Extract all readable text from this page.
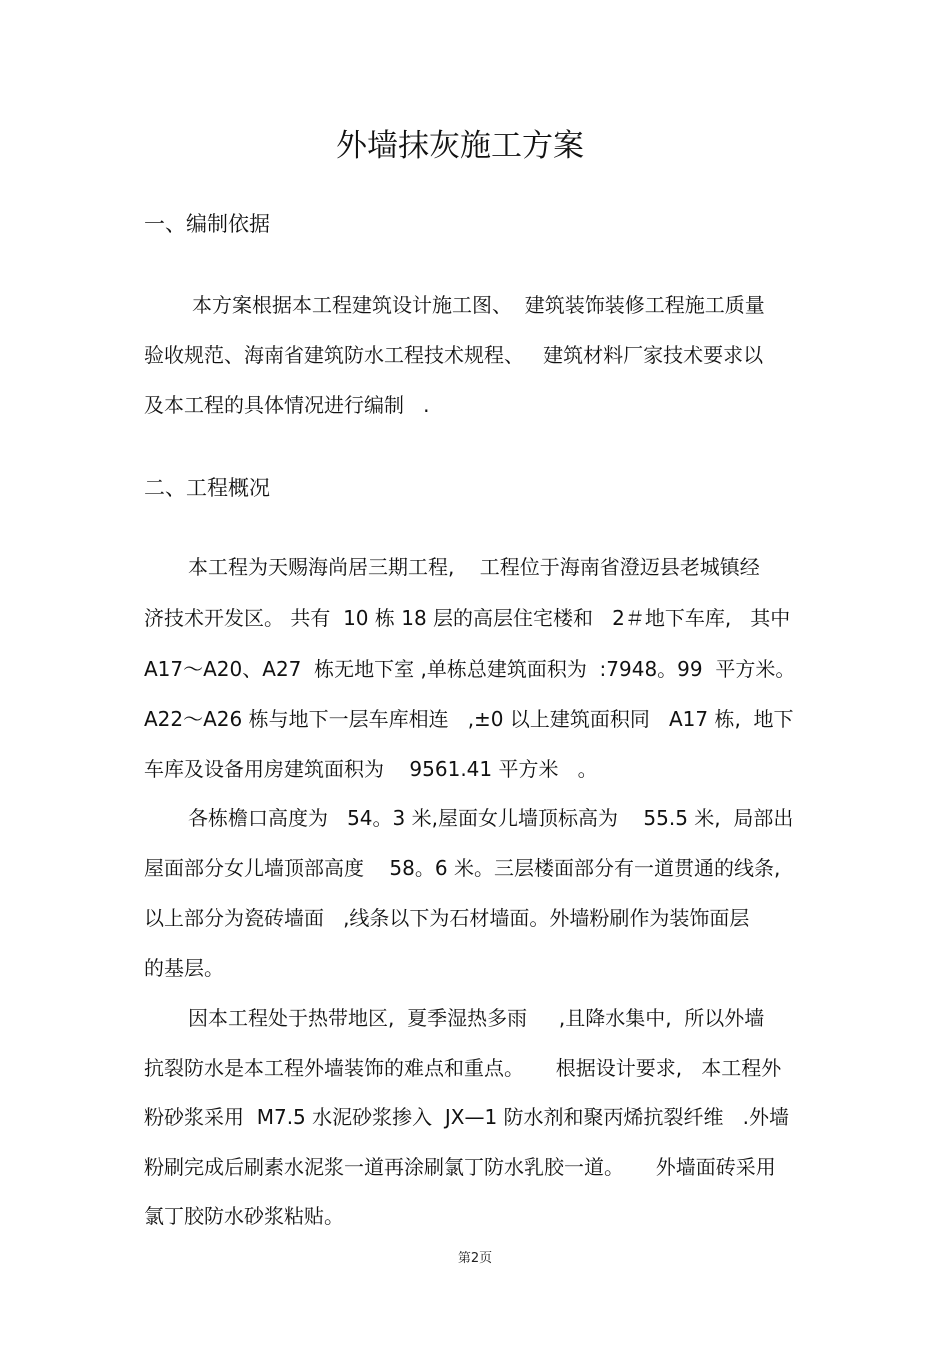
外墙抹灰施工方案
一、编制依据
本方案根据本工程建筑设计施工图、  建筑装饰装修工程施工质量
验收规范、海南省建筑防水工程技术规程、   建筑材料厂家技术要求以
及本工程的具体情况进行编制   .
二、工程概况
本工程为天赐海尚居三期工程,    工程位于海南省澄迈县老城镇经
济技术开发区。 共有  10 栋 18 层的高层住宅楼和   2＃地下车库,   其中
A17～A20、A27  栋无地下室 ,单栋总建筑面积为  :7948。99  平方米。
A22～A26 栋与地下一层车库相连   ,±0 以上建筑面积同   A17 栋,  地下
车库及设备用房建筑面积为    9561.41 平方米   。
各栋檐口高度为   54。3 米,屋面女儿墙顶标高为    55.5 米,  局部出
屋面部分女儿墙顶部高度    58。6 米。三层楼面部分有一道贯通的线条,
以上部分为瓷砖墙面   ,线条以下为石材墙面。外墙粉刷作为装饰面层
的基层。
因本工程处于热带地区,  夏季湿热多雨     ,且降水集中,  所以外墙
抗裂防水是本工程外墙装饰的难点和重点。     根据设计要求,   本工程外
粉砂浆采用  M7.5 水泥砂浆掺入  JX—1 防水剂和聚丙烯抗裂纤维   .外墙
粉刷完成后刷素水泥浆一道再涂刷氯丁防水乳胶一道。     外墙面砖采用
氯丁胶防水砂浆粘贴。
第2页
